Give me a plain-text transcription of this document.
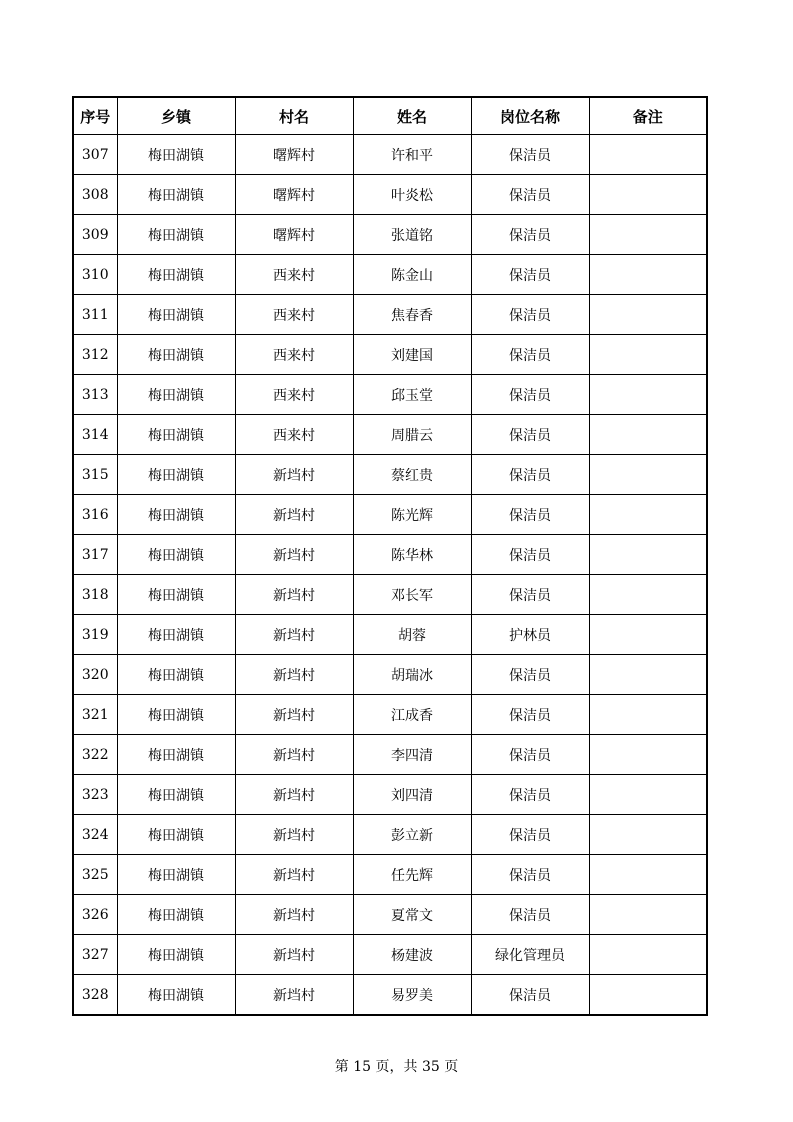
序号	乡镇	村名	姓名	岗位名称	备注
307	梅田湖镇	曙辉村	许和平	保洁员	
308	梅田湖镇	曙辉村	叶炎松	保洁员	
309	梅田湖镇	曙辉村	张道铭	保洁员	
310	梅田湖镇	西来村	陈金山	保洁员	
311	梅田湖镇	西来村	焦春香	保洁员	
312	梅田湖镇	西来村	刘建国	保洁员	
313	梅田湖镇	西来村	邱玉堂	保洁员	
314	梅田湖镇	西来村	周腊云	保洁员	
315	梅田湖镇	新垱村	蔡红贵	保洁员	
316	梅田湖镇	新垱村	陈光辉	保洁员	
317	梅田湖镇	新垱村	陈华林	保洁员	
318	梅田湖镇	新垱村	邓长军	保洁员	
319	梅田湖镇	新垱村	胡蓉	护林员	
320	梅田湖镇	新垱村	胡瑞冰	保洁员	
321	梅田湖镇	新垱村	江成香	保洁员	
322	梅田湖镇	新垱村	李四清	保洁员	
323	梅田湖镇	新垱村	刘四清	保洁员	
324	梅田湖镇	新垱村	彭立新	保洁员	
325	梅田湖镇	新垱村	任先辉	保洁员	
326	梅田湖镇	新垱村	夏常文	保洁员	
327	梅田湖镇	新垱村	杨建波	绿化管理员	
328	梅田湖镇	新垱村	易罗美	保洁员	
第 15 页，共 35 页
